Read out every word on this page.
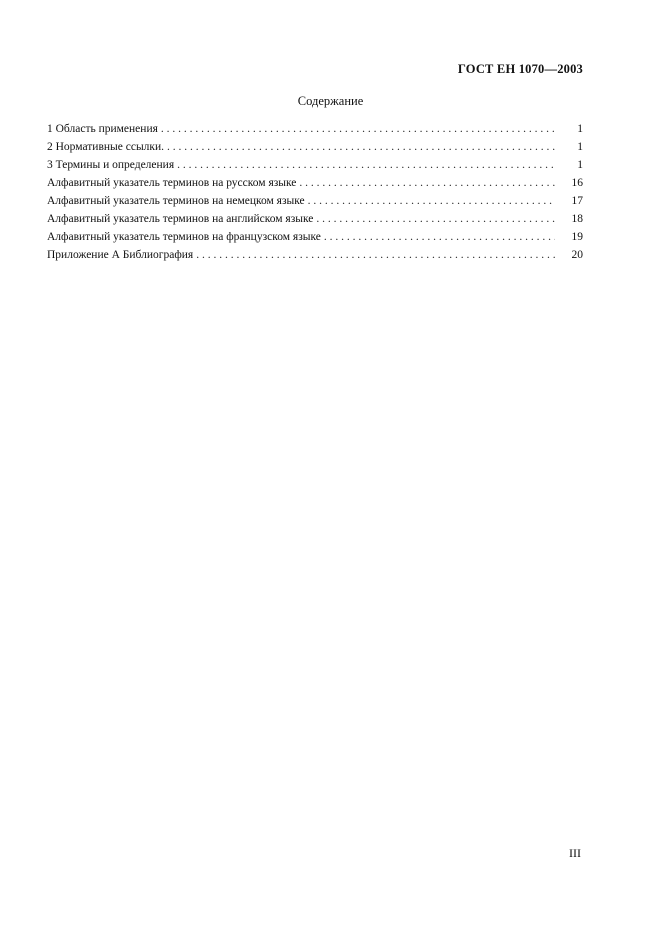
ГОСТ ЕН 1070—2003
Содержание
1 Область применения . . .	1
2 Нормативные ссылки. . . .	1
3 Термины и определения . . .	1
Алфавитный указатель терминов на русском языке . . .	16
Алфавитный указатель терминов на немецком языке . . .	17
Алфавитный указатель терминов на английском языке . . .	18
Алфавитный указатель терминов на французском языке . . .	19
Приложение А Библиография . . .	20
III
